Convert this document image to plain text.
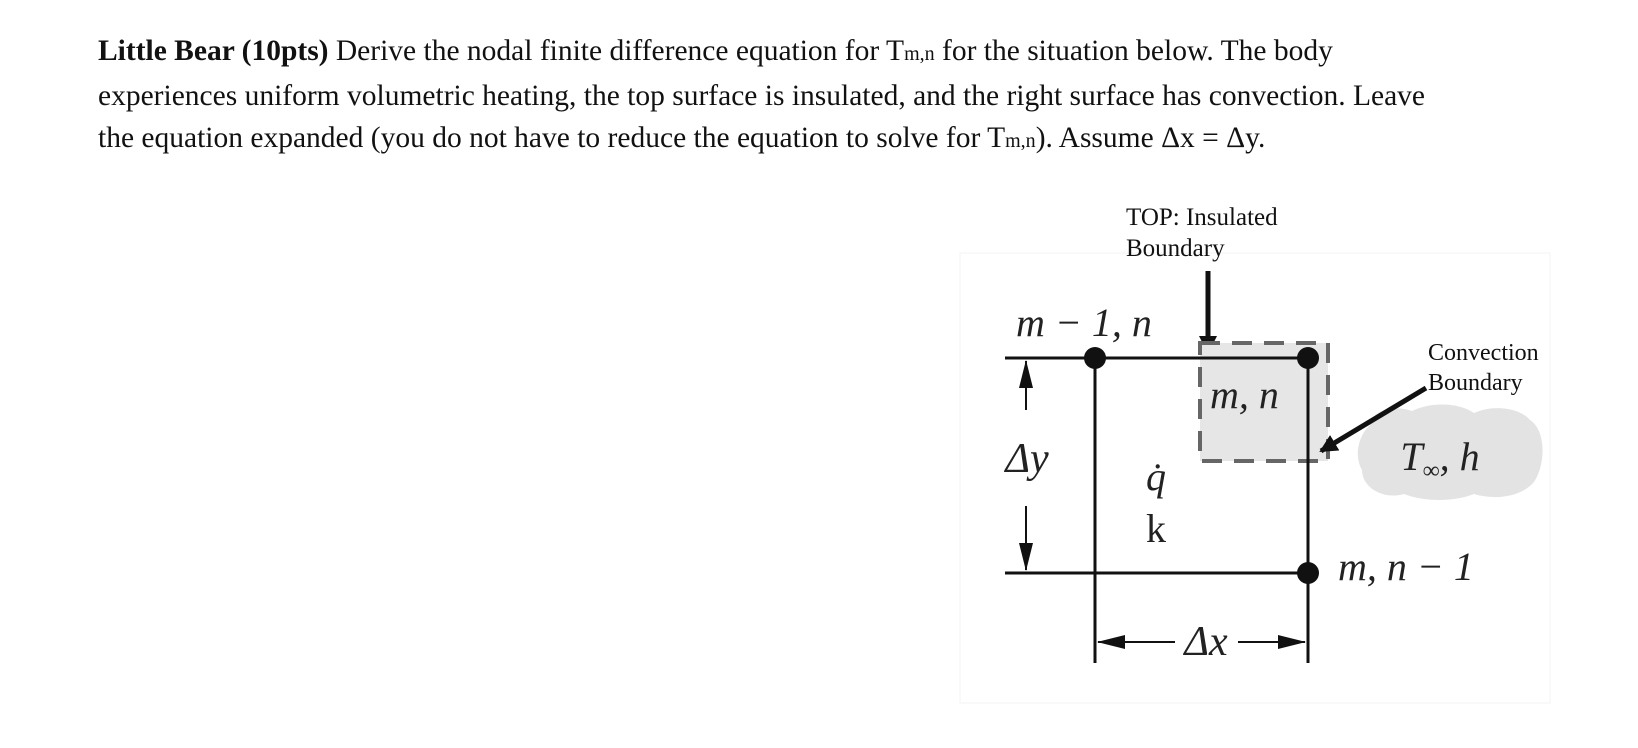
Little Bear (10pts) Derive the nodal finite difference equation for Tm,n for the situation below. The body
experiences uniform volumetric heating, the top surface is insulated, and the right surface has convection. Leave
the equation expanded (you do not have to reduce the equation to solve for Tm,n). Assume Δx = Δy.

TOP: Insulated
Boundary
m − 1, n
m, n
m, n − 1
q̇
k
Δy
Δx
$T_\infty$, h
Convection
Boundary
